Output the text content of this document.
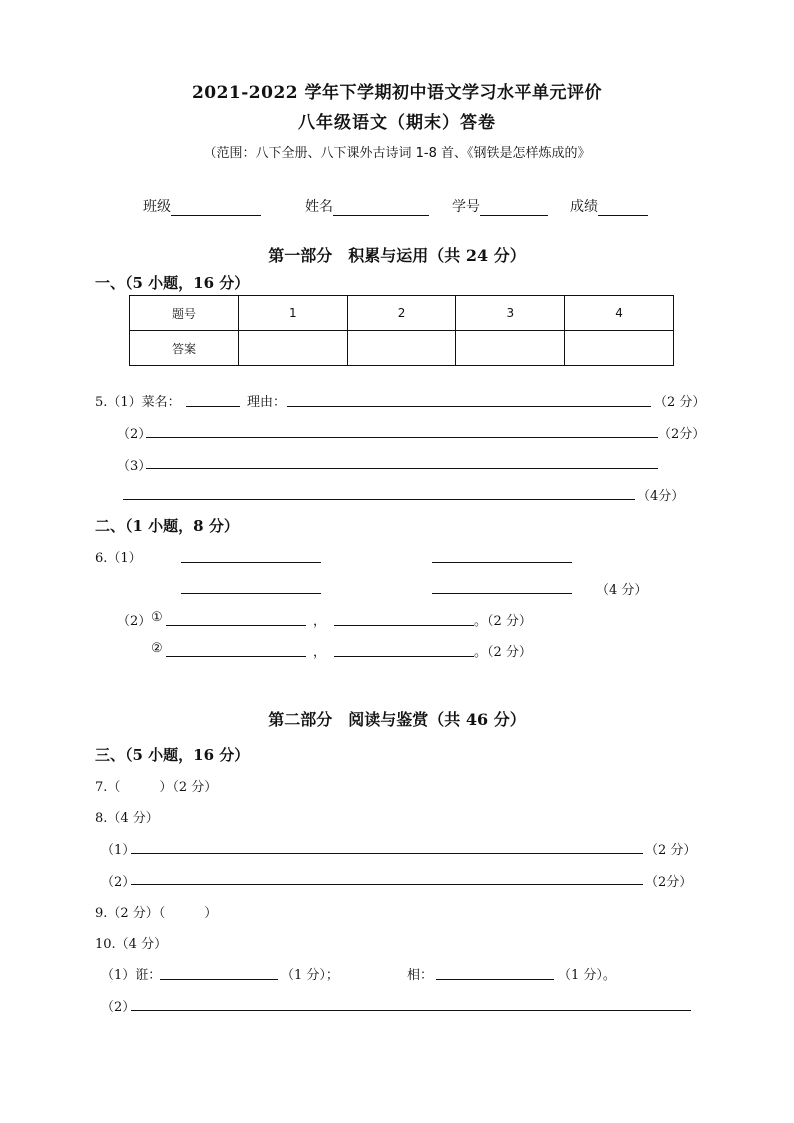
2021-2022 学年下学期初中语文学习水平单元评价
八年级语文（期末）答卷
（范围：八下全册、八下课外古诗词 1-8 首、《钢铁是怎样炼成的》
班级	姓名	学号	成绩
第一部分　积累与运用（共 24 分）
一、（5 小题，16 分）
题号	1	2	3	4
答案				
5.（1）菜名：	理由：	（2 分）
（2）	（2分）
（3）
（4分）
二、（1 小题，8 分）
6.（1）
（4 分）
（2） ①	，	。（2 分）
②	，	。（2 分）
第二部分　阅读与鉴赏（共 46 分）
三、（5 小题，16 分）
7.（　　　）（2 分）
8.（4 分）
（1）	（2 分）
（2）	（2分）
9.（2 分）（　　　）
10.（4 分）
（1）诳：	（1 分）；	相：	（1 分）。
（2）
